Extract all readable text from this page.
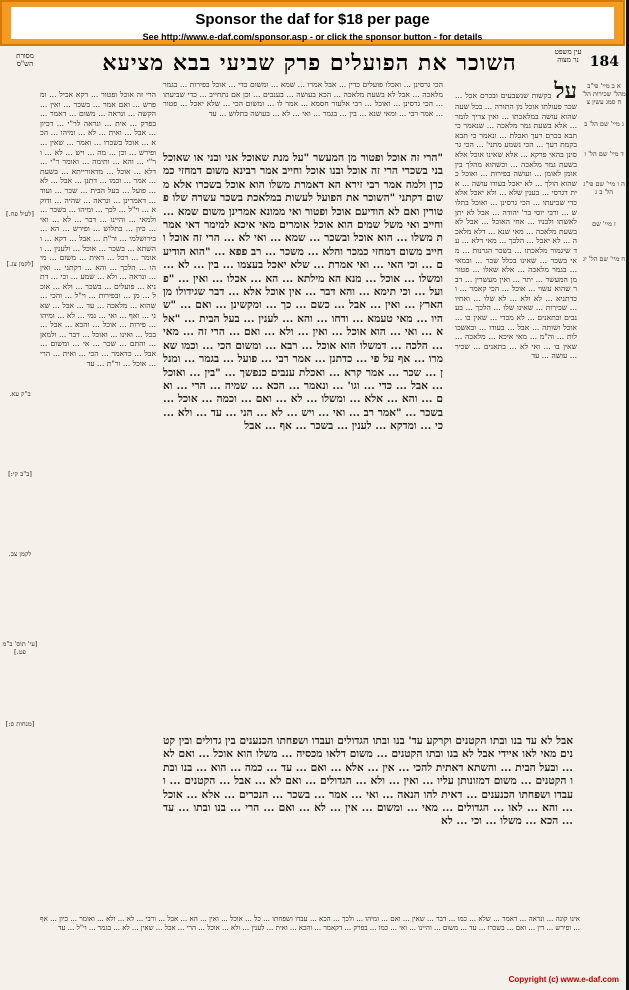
Sponsor the daf for $18 per page
See http://www.e-daf.com/sponsor.asp - or click the sponsor button - for details
184
עין משפט נר מצוה
השוכר את הפועלים פרק שביעי בבא מציעא
מסורת הש"ס
א ב מיי' פי"ב מהל' שכירות הל' ח סמג עשין צ
ג מיי' שם הל' ב
ד מיי' שם הל' ז
ה ו מיי' שם פי"ג הל' ב ג
ז מיי' שם
ח מיי' שם הל' יג
על בקשות שנשבעים ובכרם אכל ... שכר פעולתו אוכל מן התורה ... בכל שעה שהוא עושה במלאכתו ... ואין צריך לומר ... אלא בשעת גמר מלאכה ... שנאמר כי תבא בכרם רעך ואכלת ... ונאמר כי תבא בקמת רעך ... הכי נשמע מתני' ... הכי גרסינן בהאי פרקא ... אלא שאינו אוכל אלא בשעת גמר מלאכה ... וכשהוא מהלך בין אומן לאומן ... ועושה בפירות ... ואוכל כשהוא הולך ... לא יאכל בעודו עושה ... אית דגרסי ... בענין שלא ... ולא יאכל אלא כדי שביעתו ... הכי גרסינן ... ואוכל בתלוש ... ורבי יוסי בר' יהודה ... אבל לא יתן לאשתו ולבניו ... אחי האוכל ... אבל לא בשעת מלאכה ... מאי שנא ... דלא מלאכה ... לא יאכל ... הלכך ... מאי דלא ... עד שיגמור מלאכתו ... בשכר הגרנות ... מאי בשכר ... שאינו בכלל שכר ... ובמאי ... בגמר מלאכה ... אלא שאלו ... פטור מן המעשר ... יתר ... ואין מעשרין ... דבר שהוא עשוי ... אוכל ... הכי קאמר ... וכדתניא ... לא ולא ... לא שלו ... ואחיו ... שכירות ... שאינו שלו ... הלכך ... בענבים ובתאנים ... לא מכדי ... שאין בו ... אוכל ושותה ... אבל ... בעודו ... ובאשכולות ... וה"מ ... מאי איכא ... מלאכה ... שאין בו ... ואי לא ... בתאנים ... שכיר ... עושה ... עד
הכי גרסינן ... ואכלו פועלים כדין ... אבל אמרו ... שמא ... ומשום כדי ... אוכל בפירות ... בגמר מלאכה ... אבל לא בשעת מלאכה ... הכא בעושה ... בענבים ... וכן אם נתחייב ... כדי שביעתו ... הכי גרסינן ... ואוכל ... רבי אלעזר חסמא ... אמר לו ... ומשום הכי ... שלא יאכל ... פטור ... אמר רבי ... ומאי שנא ... בין ... בגמר ... ואי ... לא ... בעושה בתלוש ... עד
"הרי זה אוכל ופטור מן המעשר "על מנת שאוכל אני ובני או שאוכל בני בשכרי הרי זה אוכל ובנו אוכל וחייב אמר רבינא משום דמחזי כמכרן ולמה אמר רבי זירא הא דאמרת משלו הוא אוכל בשכרו אלא משום דקתני "השוכר את הפועל לעשות במלאכת בשכר עשרה שלו פטורין ואם לא הודיעם אוכל ופטור ואי ממונא אמרינן משום שמא ... וחייב ואי משל שמים הוא אוכל אומרים מאי איכא למימר דאי אמרת משלו ... הוא אוכל ובשכר ... שמא ... ואי לא ... הרי זה אוכל וחייב משום דמחזי כמכר והלא ... משכר ... רב פפא ... "הוא הודיעם ... וכי האי ... ואי אמרת ... שלא יאכל בעצמו ... בין ... לא ... ומשלו ... אוכל ... מנא הא מילתא ... הא ... אכלו ... ואין ... "פועל ... וכי תימא ... והא דבר ... אין אוכל אלא ... דבר שגידולו מן הארץ ... ואין ... אבל ... כשם ... כך ... ומקשינן ... ואם ... "שהיו ... מאי טעמא ... ודחו ... והא ... לענין ... בעל הבית ... "אלא ... ואי ... הוא אוכל ... ואין ... ולא ... ואם ... הרי זה ... מאי ... הלכה ... דמשלו הוא אוכל ... רבא ... ומשום הכי ... וכמו שאמרו ... אף על פי ... כדתנן ... אמר רבי ... פועל ... בגמר ... ומנלן ... שכר ... אמר קרא ... ואכלת ענבים כנפשך ... "בין ... ואוכל ... אבל ... כדי ... וגו' ... ונאמר ... הכא ... שמיה ... הרי ... ואם ... והא ... אלא ... ומשלו ... לא ... ואם ... וכמה ... אוכל ... בשכר ... "אמר רב ... ואי ... ויש ... לא ... הני ... עד ... ולא ... כי ... ומדקא ... לענין ... בשכר ... אף ... אבל
הרי זה אוכל ופטור ... דקא אכיל ... ומפרש ... ואם אמר ... בשכר ... ואין ... הקשה ... ונראה ... משום ... דאמר ... בפרק ... אית ... ונראה לר"י ... דכיון ... אבל ... ואית ... לא ... ומיהו ... הכא ... אוכל בשכרו ... ואמר ... שאין ... ופירש ... וכן ... מה ... ויש ... לא ... ור"י ... והא ... ותימה ... ואומר ר"י ... דלא ... אוכל ... מדאורייתא ... בשעת ... אמר ... וכמו ... דתנן ... אבל ... לא ... פועל ... בעל הבית ... שכר ... ועוד ... דאמרינן ... ונראה ... שהיה ... ודוקא ... וי"ל ... לכך ... ומיהו ... בשכר ... ולמאי ... והיינו ... דבר ... לא ... ואי ... כיון ... בתלוש ... ופירש ... הא ... בירושלמי ... ור"ת ... אבל ... דקא ... והשתא ... בשכר ... אוכל ... ולענין ... ואומר ... דכל ... דאית ... משום ... מיהו ... הלכך ... והא ... דקתני ... ואין ... ונראה ... ולא ... שמע ... וכי ... דתניא ... פועלים ... בשכר ... ולא ... אוכל ... מן ... ובפירות ... וי"ל ... והכי ... שהוא ... מלאכה ... עד ... אבל ... שאני ... ואף ... ואי ... נמי ... לא ... ומיהו ... פירות ... אוכל ... והכא ... אבל ... בכל ... ואינו ... ואוכל ... דבר ... ולמאן ... והתם ... שכר ... אי ... ומשום ... אבל ... כדאמר ... הכי ... ואית ... הרי ... אוכל ... ור"ת ... עד
אבל לא עד בנו ובתו הקטנים וקרקע עד' בנו ובתו הגדולים ועבדו ושפחתו הכנענים בין גדולים ובין קטנים מאי לאו איידי אבל לא בנו ובתו הקטנים ... משום דלאו מכסיה ... משלו הוא אוכל ... ואם לא ... ובעל הבית ... והשתא דאתית להכי ... אין ... אלא ... ואם ... עד ... כמה ... הוא ... בנו ובתו הקטנים ... משום דמזונותן עליו ... ואין ... ולא ... הגדולים ... ואם לא ... אבל ... הקטנים ... ועבדו ושפחתו הכנענים ... דאית להו הנאה ... ואי ... אמר ... בשכר ... הנכרים ... אלא ... אוכל ... והא ... לאו ... הגדולים ... מאי ... ומשום ... אין ... לא ... ואם ... הרי ... בנו ובתו ... עד ... הכא ... משלו ... וכי ... לא
אינו קונה ... ונראה ... דאמר ... שלא ... כמו ... דבר ... שאין ... ואם ... ומיהו ... ולכך ... הכא ... עבדו ושפחתו ... כל ... אוכל ... ואין ... הא ... אבל ... ורבי ... לא ... ולא ... ואומר ... כיון ... אף ... ופירש ... דין ... ואם ... בשכרו ... עד ... משום ... והיינו ... ואי ... כמו ... בפרק ... דקאמר ... והכא ... ואית ... לענין ... ולא ... אוכל ... הרי ... אבל ... שאין ... לא ... בגמר ... וי"ל ... עד
[לעיל פח.]
[לקמן צג.]
ב"ק עא.
[ב"ב קי:]
לקמן צב.
[עי' תוס' ב"מ פט.]
[מנחות ס:]
Copyright (c) www.e-daf.com
